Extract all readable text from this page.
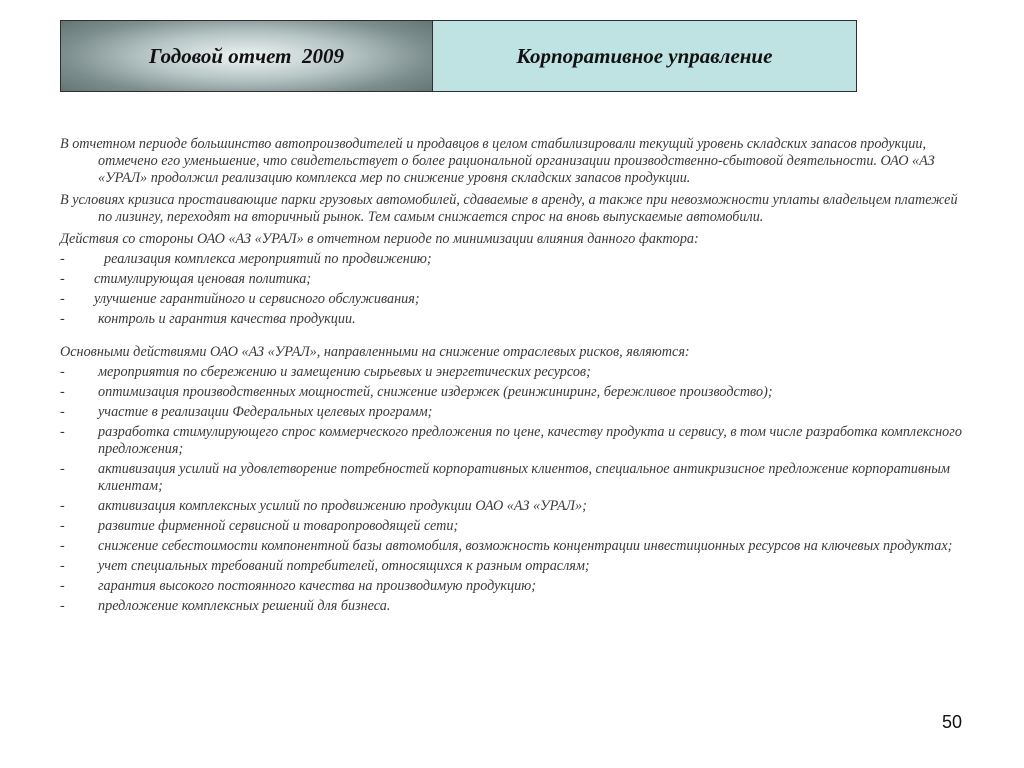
Годовой отчет  2009	Корпоративное управление

В отчетном периоде большинство автопроизводителей и продавцов в целом стабилизировали текущий уровень складских запасов продукции, отмечено его уменьшение, что свидетельствует о более рациональной организации производственно-сбытовой деятельности. ОАО «АЗ «УРАЛ» продолжил реализацию комплекса мер по снижение уровня складских запасов продукции.

В условиях кризиса простаивающие парки грузовых автомобилей, сдаваемые в аренду, а также при невозможности уплаты владельцем платежей по лизингу, переходят на вторичный рынок. Тем самым снижается спрос на вновь выпускаемые автомобили.

Действия со стороны ОАО «АЗ «УРАЛ» в отчетном периоде по минимизации влияния данного фактора:

-	реализация комплекса мероприятий по продвижению;
-	стимулирующая ценовая политика;
-	улучшение гарантийного и сервисного обслуживания;
-	контроль и гарантия качества продукции.

Основными действиями ОАО «АЗ «УРАЛ», направленными на снижение отраслевых рисков, являются:

-	мероприятия по сбережению и замещению сырьевых и энергетических ресурсов;
-	оптимизация производственных мощностей, снижение издержек (реинжиниринг, бережливое производство);
-	участие в реализации Федеральных целевых программ;
-	разработка стимулирующего спрос коммерческого предложения по цене, качеству продукта и сервису, в том числе разработка комплексного предложения;
-	активизация усилий на удовлетворение потребностей корпоративных клиентов, специальное антикризисное предложение корпоративным клиентам;
-	активизация комплексных усилий по продвижению продукции ОАО «АЗ «УРАЛ»;
-	развитие фирменной сервисной и товаропроводящей сети;
-	снижение себестоимости компонентной базы автомобиля, возможность концентрации инвестиционных ресурсов на ключевых продуктах;
-	учет специальных требований потребителей, относящихся к разным отраслям;
-	гарантия высокого постоянного качества на производимую продукцию;
-	предложение комплексных решений для бизнеса.
50
